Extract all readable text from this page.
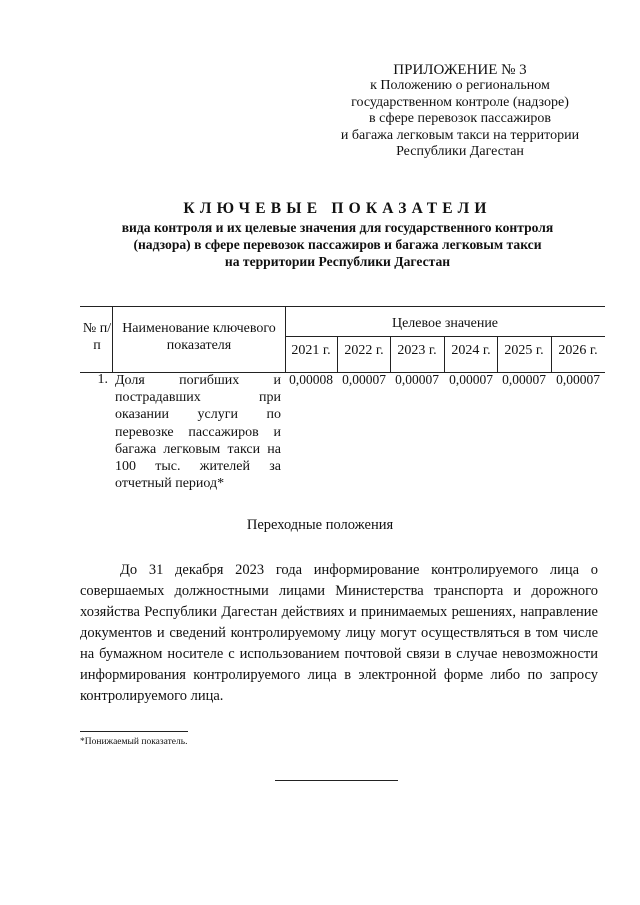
ПРИЛОЖЕНИЕ № 3
к Положению о региональном
государственном контроле (надзоре)
в сфере перевозок пассажиров
и багажа легковым такси на территории
Республики Дагестан
КЛЮЧЕВЫЕ ПОКАЗАТЕЛИ
вида контроля и их целевые значения для государственного контроля
(надзора) в сфере перевозок пассажиров и багажа легковым такси
на территории Республики Дагестан
№ п/п
Наименование ключевого показателя
Целевое значение
2021 г. 2022 г. 2023 г.	2024 г. 2025 г.	2026 г.
1. Доля погибших и пострадавших при оказании услуги по перевозке пассажиров и багажа легковым такси на 100 тыс. жителей за отчетный период*
0,00008 0,00007 0,00007 0,00007 0,00007 0,00007
Переходные положения
До 31 декабря 2023 года информирование контролируемого лица о совершаемых должностными лицами Министерства транспорта и дорожного хозяйства Республики Дагестан действиях и принимаемых решениях, направление документов и сведений контролируемому лицу могут осуществляться в том числе на бумажном носителе с использованием почтовой связи в случае невозможности информирования контролируемого лица в электронной форме либо по запросу контролируемого лица.
*Понижаемый показатель.
